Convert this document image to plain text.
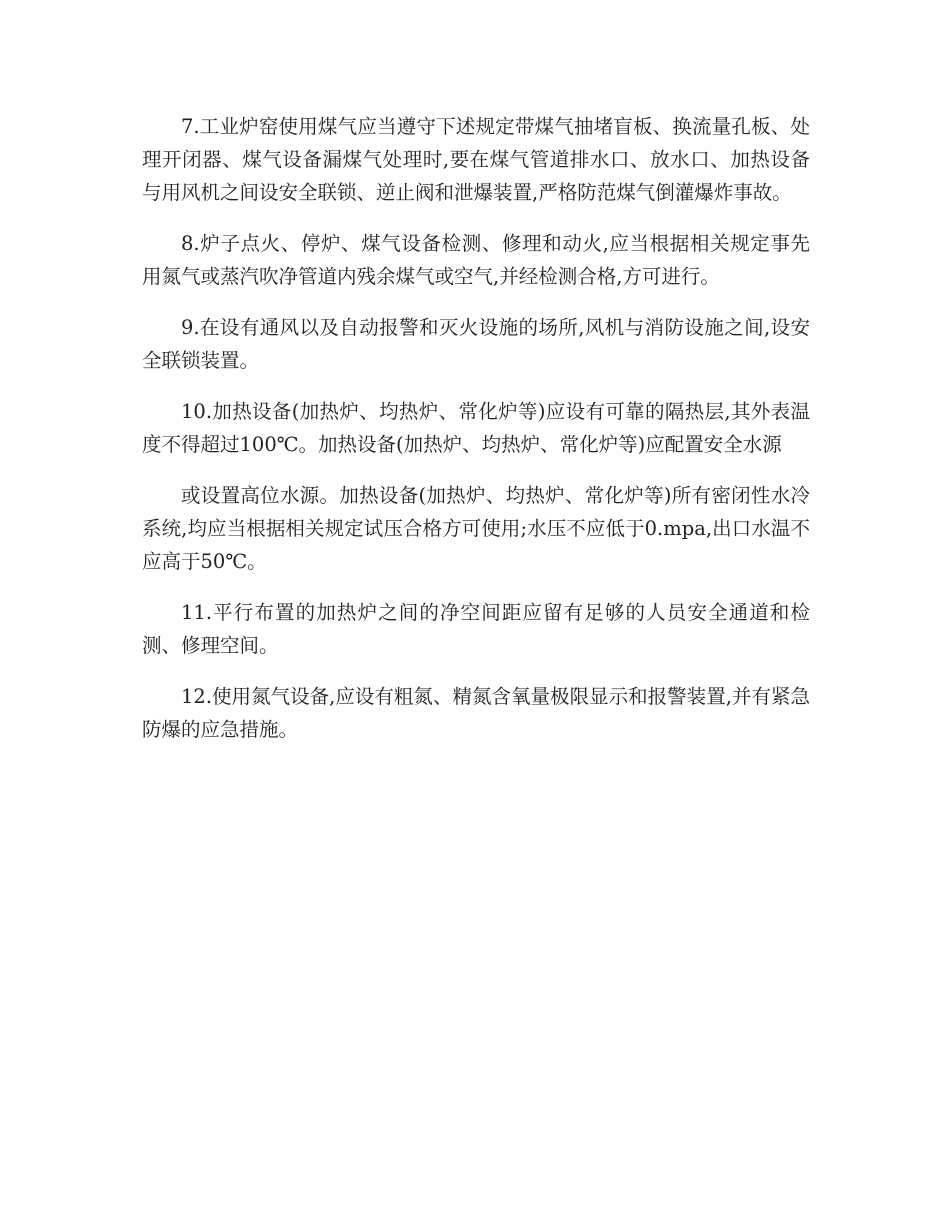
7.工业炉窑使用煤气应当遵守下述规定带煤气抽堵盲板、换流量孔板、处理开闭器、煤气设备漏煤气处理时,要在煤气管道排水口、放水口、加热设备与用风机之间设安全联锁、逆止阀和泄爆装置,严格防范煤气倒灌爆炸事故。

8.炉子点火、停炉、煤气设备检测、修理和动火,应当根据相关规定事先用氮气或蒸汽吹净管道内残余煤气或空气,并经检测合格,方可进行。

9.在设有通风以及自动报警和灭火设施的场所,风机与消防设施之间,设安全联锁装置。

10.加热设备(加热炉、均热炉、常化炉等)应设有可靠的隔热层,其外表温度不得超过100℃。加热设备(加热炉、均热炉、常化炉等)应配置安全水源

或设置高位水源。加热设备(加热炉、均热炉、常化炉等)所有密闭性水冷系统,均应当根据相关规定试压合格方可使用;水压不应低于0.mpa,出口水温不应高于50℃。

11.平行布置的加热炉之间的净空间距应留有足够的人员安全通道和检测、修理空间。

12.使用氮气设备,应设有粗氮、精氮含氧量极限显示和报警装置,并有紧急防爆的应急措施。
